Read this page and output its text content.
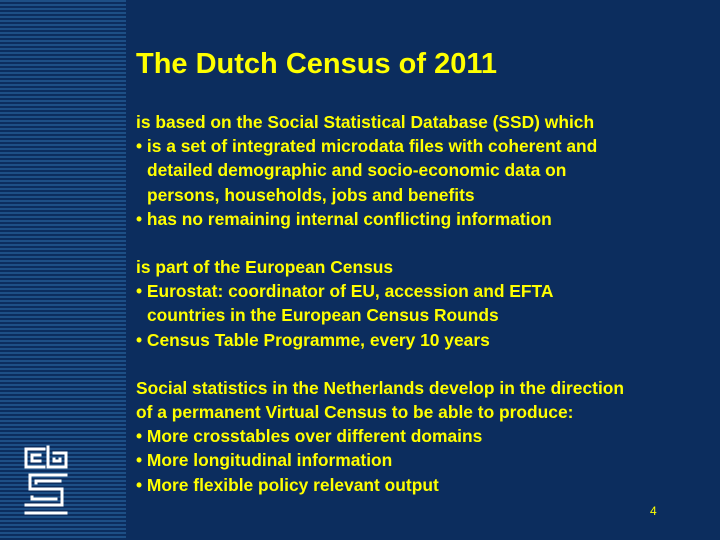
The Dutch Census of 2011
is based on the Social Statistical Database (SSD) which
• is a set of integrated microdata files with coherent and
detailed demographic and socio-economic data on
persons, households, jobs and benefits
• has no remaining internal conflicting information
is part of the European Census
• Eurostat: coordinator of EU, accession and EFTA
countries in the European Census Rounds
• Census Table Programme, every 10 years
Social statistics in the Netherlands develop in the direction
of a permanent Virtual Census to be able to produce:
• More crosstables over different domains
• More longitudinal information
• More flexible policy relevant output
4
